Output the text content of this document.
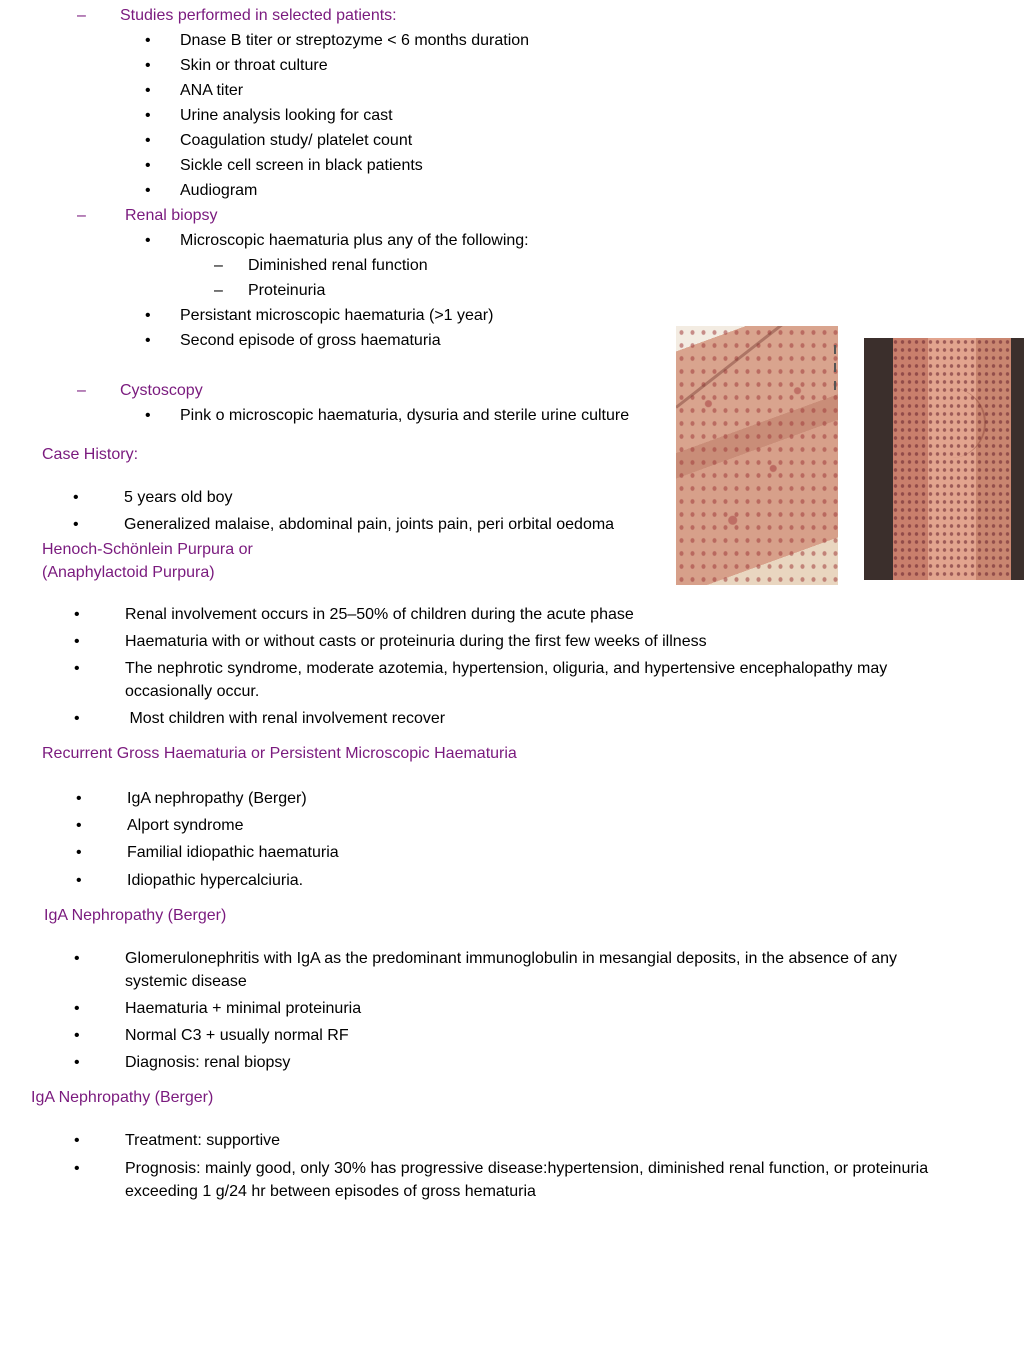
– Studies performed in selected patients:
• Dnase B titer or streptozyme < 6 months duration
• Skin or throat culture
• ANA titer
• Urine analysis looking for cast
• Coagulation study/ platelet count
• Sickle cell screen in black patients
• Audiogram
– Renal biopsy
• Microscopic haematuria plus any of the following:
– Diminished renal function
– Proteinuria
• Persistant microscopic haematuria (>1 year)
• Second episode of gross haematuria
– Cystoscopy
• Pink o microscopic haematuria, dysuria and sterile urine culture
Case History:
•	5 years old boy
•	Generalized malaise, abdominal pain, joints pain, peri orbital oedoma
Henoch-Schönlein Purpura or
(Anaphylactoid Purpura)
•	Renal involvement occurs in 25–50% of children during the acute phase
•	Haematuria with or without casts or proteinuria during the first few weeks of illness
•	The nephrotic syndrome, moderate azotemia, hypertension, oliguria, and hypertensive encephalopathy may occasionally occur.
•	Most children with renal involvement recover
Recurrent Gross Haematuria or Persistent Microscopic Haematuria
•	IgA nephropathy (Berger)
•	Alport syndrome
•	Familial idiopathic haematuria
•	Idiopathic hypercalciuria.
IgA Nephropathy (Berger)
•	Glomerulonephritis with IgA as the predominant immunoglobulin in mesangial deposits, in the absence of any systemic disease
•	Haematuria + minimal proteinuria
•	Normal C3 + usually normal RF
•	Diagnosis: renal biopsy
IgA Nephropathy (Berger)
•	Treatment: supportive
•	Prognosis: mainly good, only 30% has progressive disease:hypertension, diminished renal function, or proteinuria exceeding 1 g/24 hr between episodes of gross hematuria
